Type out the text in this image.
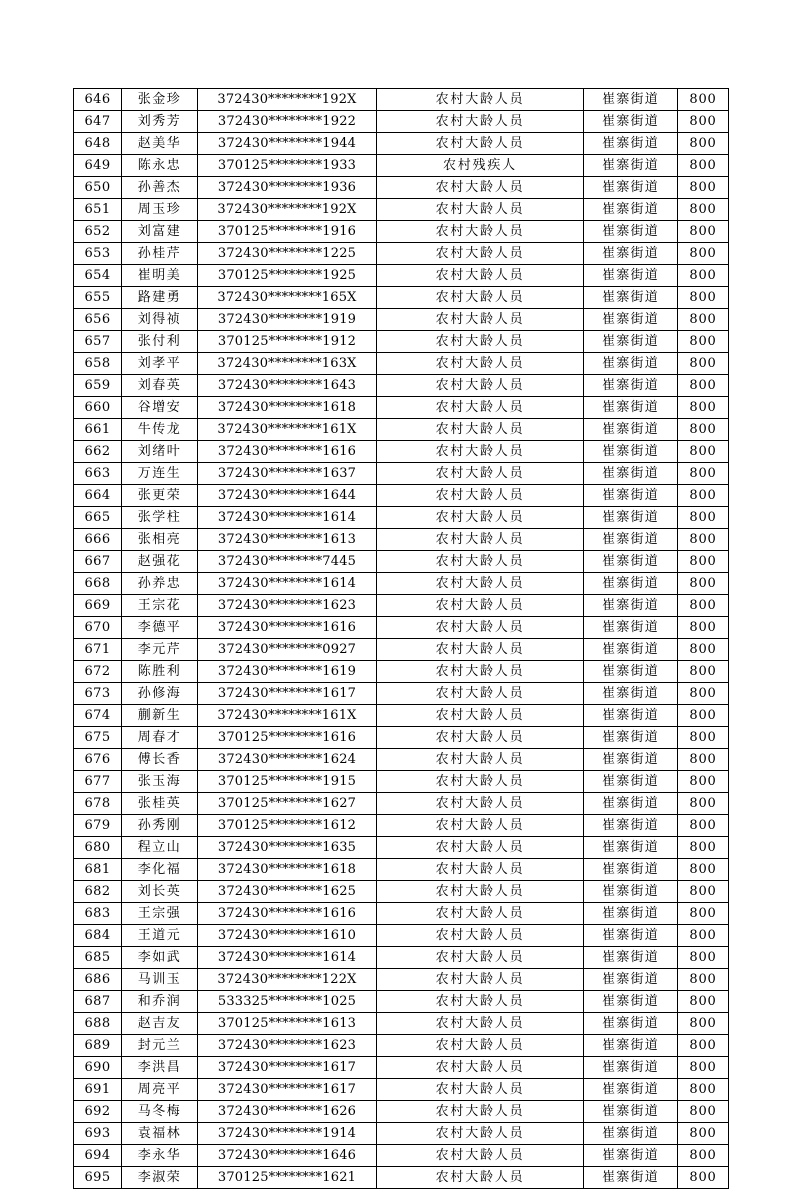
646	张金珍	372430********192X	农村大龄人员	崔寨街道	800
647	刘秀芳	372430********1922	农村大龄人员	崔寨街道	800
648	赵美华	372430********1944	农村大龄人员	崔寨街道	800
649	陈永忠	370125********1933	农村残疾人	崔寨街道	800
650	孙善杰	372430********1936	农村大龄人员	崔寨街道	800
651	周玉珍	372430********192X	农村大龄人员	崔寨街道	800
652	刘富建	370125********1916	农村大龄人员	崔寨街道	800
653	孙桂芹	372430********1225	农村大龄人员	崔寨街道	800
654	崔明美	370125********1925	农村大龄人员	崔寨街道	800
655	路建勇	372430********165X	农村大龄人员	崔寨街道	800
656	刘得祯	372430********1919	农村大龄人员	崔寨街道	800
657	张付利	370125********1912	农村大龄人员	崔寨街道	800
658	刘孝平	372430********163X	农村大龄人员	崔寨街道	800
659	刘春英	372430********1643	农村大龄人员	崔寨街道	800
660	谷增安	372430********1618	农村大龄人员	崔寨街道	800
661	牛传龙	372430********161X	农村大龄人员	崔寨街道	800
662	刘绪叶	372430********1616	农村大龄人员	崔寨街道	800
663	万连生	372430********1637	农村大龄人员	崔寨街道	800
664	张更荣	372430********1644	农村大龄人员	崔寨街道	800
665	张学柱	372430********1614	农村大龄人员	崔寨街道	800
666	张相亮	372430********1613	农村大龄人员	崔寨街道	800
667	赵强花	372430********7445	农村大龄人员	崔寨街道	800
668	孙养忠	372430********1614	农村大龄人员	崔寨街道	800
669	王宗花	372430********1623	农村大龄人员	崔寨街道	800
670	李德平	372430********1616	农村大龄人员	崔寨街道	800
671	李元芹	372430********0927	农村大龄人员	崔寨街道	800
672	陈胜利	372430********1619	农村大龄人员	崔寨街道	800
673	孙修海	372430********1617	农村大龄人员	崔寨街道	800
674	蒯新生	372430********161X	农村大龄人员	崔寨街道	800
675	周春才	370125********1616	农村大龄人员	崔寨街道	800
676	傅长香	372430********1624	农村大龄人员	崔寨街道	800
677	张玉海	370125********1915	农村大龄人员	崔寨街道	800
678	张桂英	370125********1627	农村大龄人员	崔寨街道	800
679	孙秀刚	370125********1612	农村大龄人员	崔寨街道	800
680	程立山	372430********1635	农村大龄人员	崔寨街道	800
681	李化福	372430********1618	农村大龄人员	崔寨街道	800
682	刘长英	372430********1625	农村大龄人员	崔寨街道	800
683	王宗强	372430********1616	农村大龄人员	崔寨街道	800
684	王道元	372430********1610	农村大龄人员	崔寨街道	800
685	李如武	372430********1614	农村大龄人员	崔寨街道	800
686	马训玉	372430********122X	农村大龄人员	崔寨街道	800
687	和乔润	533325********1025	农村大龄人员	崔寨街道	800
688	赵吉友	370125********1613	农村大龄人员	崔寨街道	800
689	封元兰	372430********1623	农村大龄人员	崔寨街道	800
690	李洪昌	372430********1617	农村大龄人员	崔寨街道	800
691	周亮平	372430********1617	农村大龄人员	崔寨街道	800
692	马冬梅	372430********1626	农村大龄人员	崔寨街道	800
693	袁福林	372430********1914	农村大龄人员	崔寨街道	800
694	李永华	372430********1646	农村大龄人员	崔寨街道	800
695	李淑荣	370125********1621	农村大龄人员	崔寨街道	800
